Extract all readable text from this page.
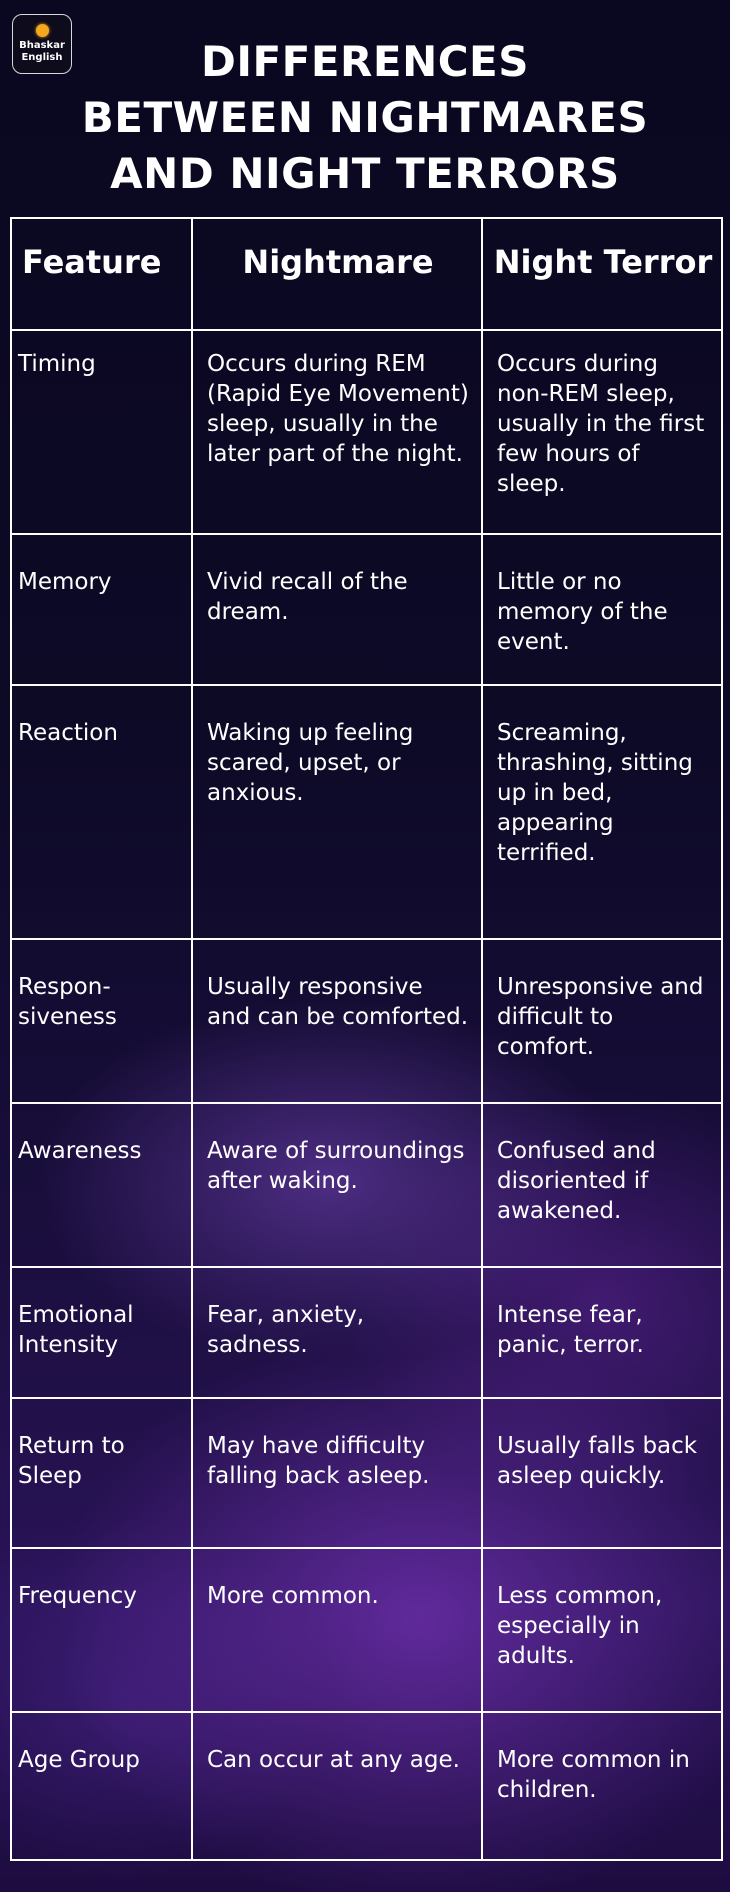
Bhaskar
English	DIFFERENCES BETWEEN NIGHTMARES AND NIGHT TERRORS
Feature	Nightmare	Night Terror
Timing	Occurs during REM (Rapid Eye Movement) sleep, usually in the later part of the night.	Occurs during non-REM sleep, usually in the first few hours of sleep.
Memory	Vivid recall of the dream.	Little or no memory of the event.
Reaction	Waking up feeling scared, upset, or anxious.	Screaming, thrashing, sitting up in bed, appearing terrified.
Respon-siveness	Usually responsive and can be comforted.	Unresponsive and difficult to comfort.
Awareness	Aware of surroundings after waking.	Confused and disoriented if awakened.
Emotional Intensity	Fear, anxiety, sadness.	Intense fear, panic, terror.
Return to Sleep	May have difficulty falling back asleep.	Usually falls back asleep quickly.
Frequency	More common.	Less common, especially in adults.
Age Group	Can occur at any age.	More common in children.
